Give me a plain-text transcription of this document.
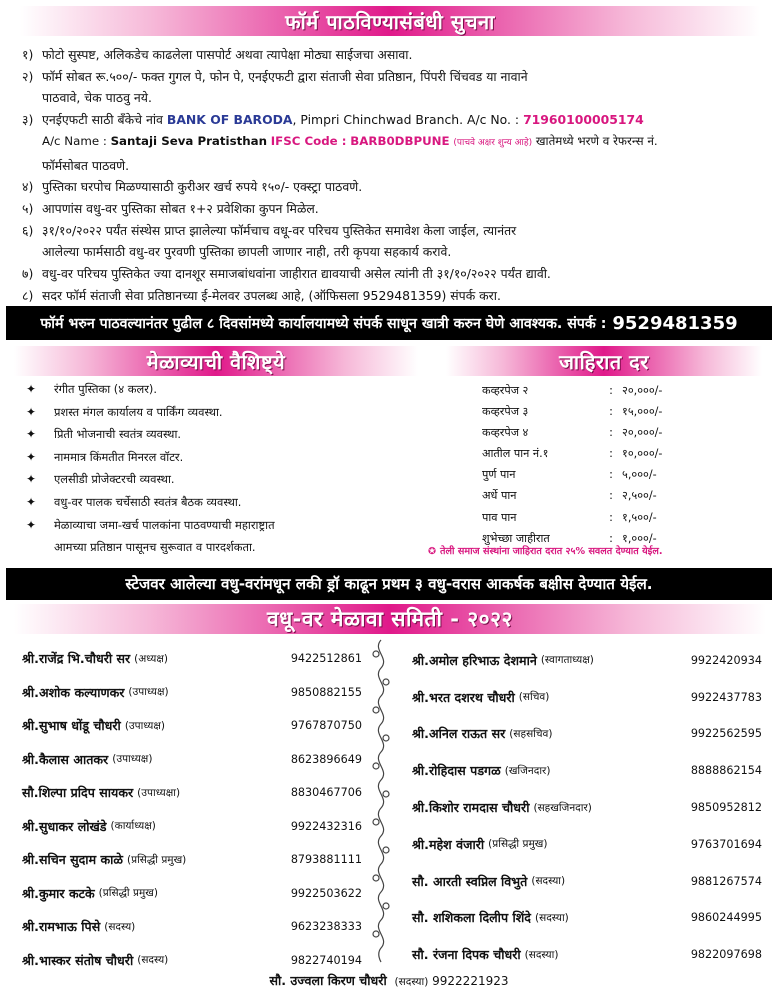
फॉर्म पाठविण्यासंबंधी सुचना
१) फोटो सुस्पष्ट, अलिकडेच काढलेला पासपोर्ट अथवा त्यापेक्षा मोठ्या साईजचा असावा.
२) फॉर्म सोबत रू.५००/- फक्त गुगल पे, फोन पे, एनईएफटी द्वारा संताजी सेवा प्रतिष्ठान, पिंपरी चिंचवड या नावाने
पाठवावे, चेक पाठवु नये.
३) एनईएफटी साठी बँकेचे नांव BANK OF BARODA, Pimpri Chinchwad Branch. A/c No. : 71960100005174
A/c Name : Santaji Seva Pratisthan IFSC Code : BARB0DBPUNE (पाचवे अक्षर शुन्य आहे) खातेमध्ये भरणे व रेफरन्स नं.
फॉर्मसोबत पाठवणे.
४) पुस्तिका घरपोच मिळण्यासाठी कुरीअर खर्च रुपये १५०/- एक्स्ट्रा पाठवणे.
५) आपणांस वधु-वर पुस्तिका सोबत १+२ प्रवेशिका कुपन मिळेल.
६) ३१/१०/२०२२ पर्यंत संस्थेस प्राप्त झालेल्या फॉर्मचाच वधू-वर परिचय पुस्तिकेत समावेश केला जाईल, त्यानंतर
आलेल्या फार्मसाठी वधु-वर पुरवणी पुस्तिका छापली जाणार नाही, तरी कृपया सहकार्य करावे.
७) वधु-वर परिचय पुस्तिकेत ज्या दानशूर समाजबांधवांना जाहीरात द्यावयाची असेल त्यांनी ती ३१/१०/२०२२ पर्यंत द्यावी.
८) सदर फॉर्म संताजी सेवा प्रतिष्ठानच्या ई-मेलवर उपलब्ध आहे, (ऑफिसला 9529481359) संपर्क करा.
फॉर्म भरुन पाठवल्यानंतर पुढील ८ दिवसांमध्ये कार्यालयामध्ये संपर्क साधून खात्री करुन घेणे आवश्यक. संपर्क : 9529481359
मेळाव्याची वैशिष्ट्ये	जाहिरात दर
✦	रंगीत पुस्तिका (४ कलर).
✦	प्रशस्त मंगल कार्यालय व पार्किंग व्यवस्था.
✦	प्रिती भोजनाची स्वतंत्र व्यवस्था.
✦	नाममात्र किंमतीत मिनरल वॉटर.
✦	एलसीडी प्रोजेक्टरची व्यवस्था.
✦	वधु-वर पालक चर्चेसाठी स्वतंत्र बैठक व्यवस्था.
✦	मेळाव्याचा जमा-खर्च पालकांना पाठवण्याची महाराष्ट्रात
आमच्या प्रतिष्ठान पासूनच सुरूवात व पारदर्शकता.
कव्हरपेज २	: २०,०००/-
कव्हरपेज ३	: १५,०००/-
कव्हरपेज ४	: २०,०००/-
आतील पान नं.१	: १०,०००/-
पुर्ण पान	: ५,०००/-
अर्धे पान	: २,५००/-
पाव पान	: १,५००/-
शुभेच्छा जाहीरात	: १,०००/-
✪ तेली समाज संस्थांना जाहिरात दरात २५% सवलत देण्यात येईल.
स्टेजवर आलेल्या वधु-वरांमधून लकी ड्रॉ काढून प्रथम ३ वधु-वरास आकर्षक बक्षीस देण्यात येईल.
वधू-वर मेळावा समिती - २०२२
श्री.राजेंद्र भि.चौधरी सर (अध्यक्ष)	9422512861
श्री.अशोक कल्याणकर (उपाध्यक्ष)	9850882155
श्री.सुभाष धोंडू चौधरी (उपाध्यक्ष)	9767870750
श्री.कैलास आतकर (उपाध्यक्ष)	8623896649
सौ.शिल्पा प्रदिप सायकर (उपाध्यक्षा)	8830467706
श्री.सुधाकर लोखंडे (कार्याध्यक्ष)	9922432316
श्री.सचिन सुदाम काळे (प्रसिद्धी प्रमुख)	8793881111
श्री.कुमार कटके (प्रसिद्धी प्रमुख)	9922503622
श्री.रामभाऊ पिसे (सदस्य)	9623238333
श्री.भास्कर संतोष चौधरी (सदस्य)	9822740194
श्री.अमोल हरिभाऊ देशमाने (स्वागताध्यक्ष)	9922420934
श्री.भरत दशरथ चौधरी (सचिव)	9922437783
श्री.अनिल राऊत सर (सहसचिव)	9922562595
श्री.रोहिदास पडगळ (खजिनदार)	8888862154
श्री.किशोर रामदास चौधरी (सहखजिनदार)	9850952812
श्री.महेश वंजारी (प्रसिद्धी प्रमुख)	9763701694
सौ. आरती स्वप्निल विभुते (सदस्या)	9881267574
सौ. शशिकला दिलीप शिंदे (सदस्या)	9860244995
सौ. रंजना दिपक चौधरी (सदस्या)	9822097698
सौ. उज्वला किरण चौधरी (सदस्या) 9922221923
